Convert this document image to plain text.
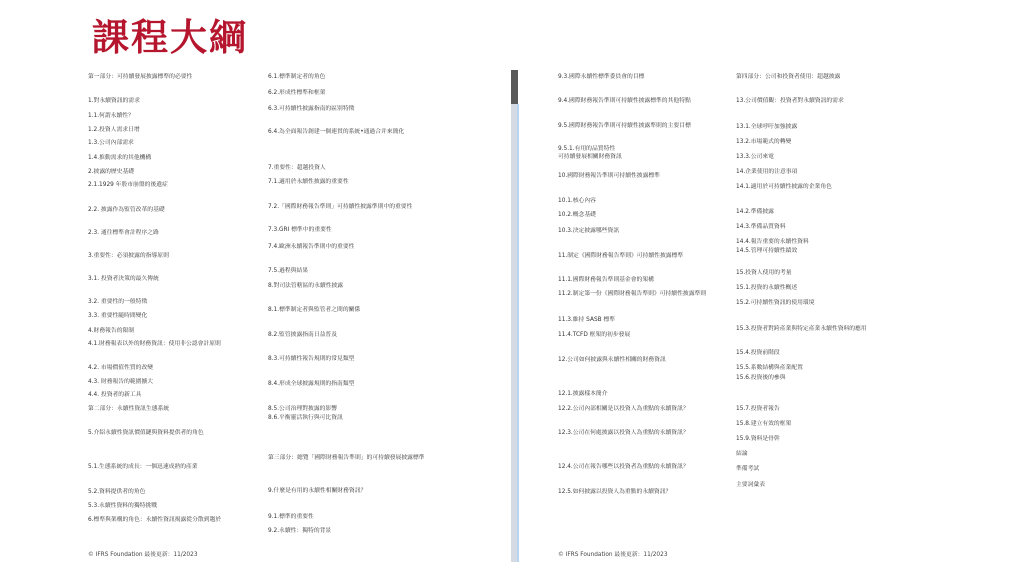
課程大綱
第一部分：可持續發展披露標準的必要性
1.對永續資訊的需求
1.1.何謂永續性？
1.2.投資人需求日增
1.3.公司內部需求
1.4.推動需求的其他機構
2.披露的歷史基礎
2.1.1929 年股市崩盤的後遺症
2.2. 披露作為監管改革的基礎
2.3. 通往標準會計程序之路
3.重要性：必須披露的指導原則
3.1. 投資者決策的最久傳統
3.2. 重要性的一般特徵
3.3. 重要性隨時間變化
4.財務報告的限制
4.1.財務報表以外的財務資訊：使用非公認會計原則
4.2. 市場價值性質的改變
4.3. 財務報告的範圍擴大
4.4. 投資者的新工具
第二部分：永續性資訊生態系統
5.介紹永續性資訊價值鏈與資料提供者的角色
5.1.生態系統的成長：一個迅速成熟的產業
5.2.資料提供者的角色
5.3.永續性資料的獨特挑戰
6.標準與架構的角色：永續性資訊揭露從分散到趨於
6.1.標準制定者的角色
6.2.形成性標準和框架
6.3.可持續性披露指南的區別特徵
6.4.為全面報告創建一個連貫的系統•通過合并來簡化
7.重要性：超越投資人
7.1.適用於永續性披露的重要性
7.2.「國際財務報告準則」可持續性披露準則中的重要性
7.3.GRI 標準中的重要性
7.4.歐洲永續報告準則中的重要性
7.5.過程與結果
8.對司法管轄區的永續性披露
8.1.標準制定者與監管者之間的關係
8.2.監管披露指南日益普及
8.3.可持續性報告規則的常見類型
8.4.形成全球披露規則的指南類型
8.5.公司治理對披露的影響
8.6.平衡靈活執行與可比資訊
第三部分：總覽「國際財務報告準則」的可持續發展披露標準
9.什麼是有用的永續性相關財務資訊？
9.1.標準的重要性
9.2.永續性：獨特的背景
© IFRS Foundation 最後更新：11/2023
9.3.國際永續性標準委員會的目標
9.4.國際財務報告準則可持續性披露標準的其他特點
9.5.國際財務報告準則可持續性披露準則的主要目標
9.5.1.有用的品質特性
可持續發展相關財務資訊
10.國際財務報告準則可持續性披露標準
10.1.核心內容
10.2.概念基礎
10.3.決定披露哪些資訊
11.制定《國際財務報告準則》可持續性披露標準
11.1.國際財務報告準則基金會的架構
11.2.制定第一份《國際財務報告準則》可持續性披露準則
11.3.維持 SASB 標準
11.4.TCFD 框架的初步發展
12.公司如何披露與永續性相關的財務資訊
12.1.披露樣本簡介
12.2.公司內部相關是以投資人為重點的永續資訊？
12.3.公司在何處披露以投資人為重點的永續資訊？
12.4.公司在報告哪些以投資者為重點的永續資訊？
12.5.如何披露以投資人為重點的永續資訊？
第四部分：公司和投資者使用：超越披露
13.公司價值觀：投資者對永續資訊的需求
13.1.全球呼吁加強披露
13.2.市場範式的轉變
13.3.公司來電
14.企業使用的注意事項
14.1.適用於可持續性披露的企業角色
14.2.準備披露
14.3.準備品質資料
14.4.報告重要的永續性資料
14.5.管理可持續性績效
15.投資人使用的考量
15.1.投資的永續性概述
15.2.可持續性資訊的使用環境
15.3.投資者對跨產業與特定產業永續性資料的應用
15.4.投資前階段
15.5.系數結構與產業配置
15.6.投資後的參與
15.7.投資者報告
15.8.建立有效的框架
15.9.資料是骨幹
結論
準備考試
主要詞彙表
© IFRS Foundation 最後更新：11/2023
